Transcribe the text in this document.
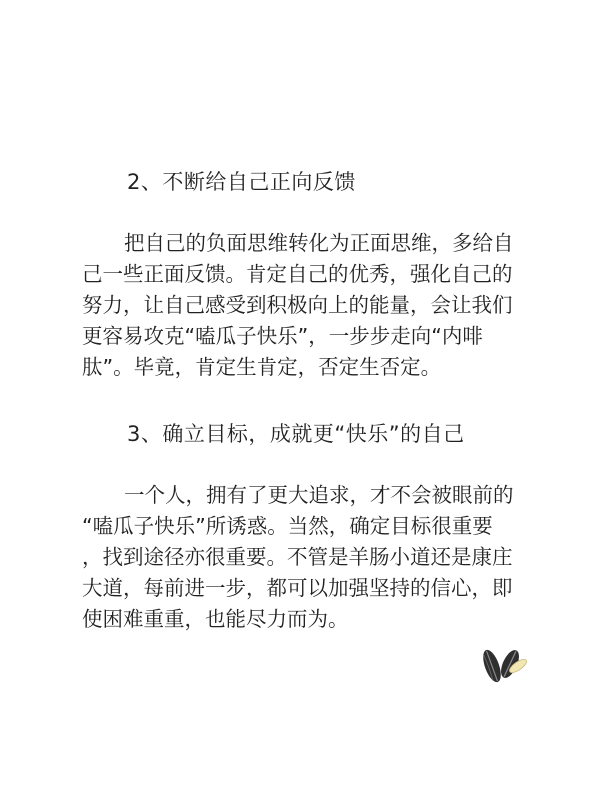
2、不断给自己正向反馈
把自己的负面思维转化为正面思维，多给自
己一些正面反馈。肯定自己的优秀，强化自己的
努力，让自己感受到积极向上的能量，会让我们
更容易攻克“嗑瓜子快乐”，一步步走向“内啡
肽”。毕竟，肯定生肯定，否定生否定。
3、确立目标，成就更“快乐”的自己
一个人，拥有了更大追求，才不会被眼前的
“嗑瓜子快乐”所诱惑。当然，确定目标很重要
，找到途径亦很重要。不管是羊肠小道还是康庄
大道，每前进一步，都可以加强坚持的信心，即
使困难重重，也能尽力而为。
